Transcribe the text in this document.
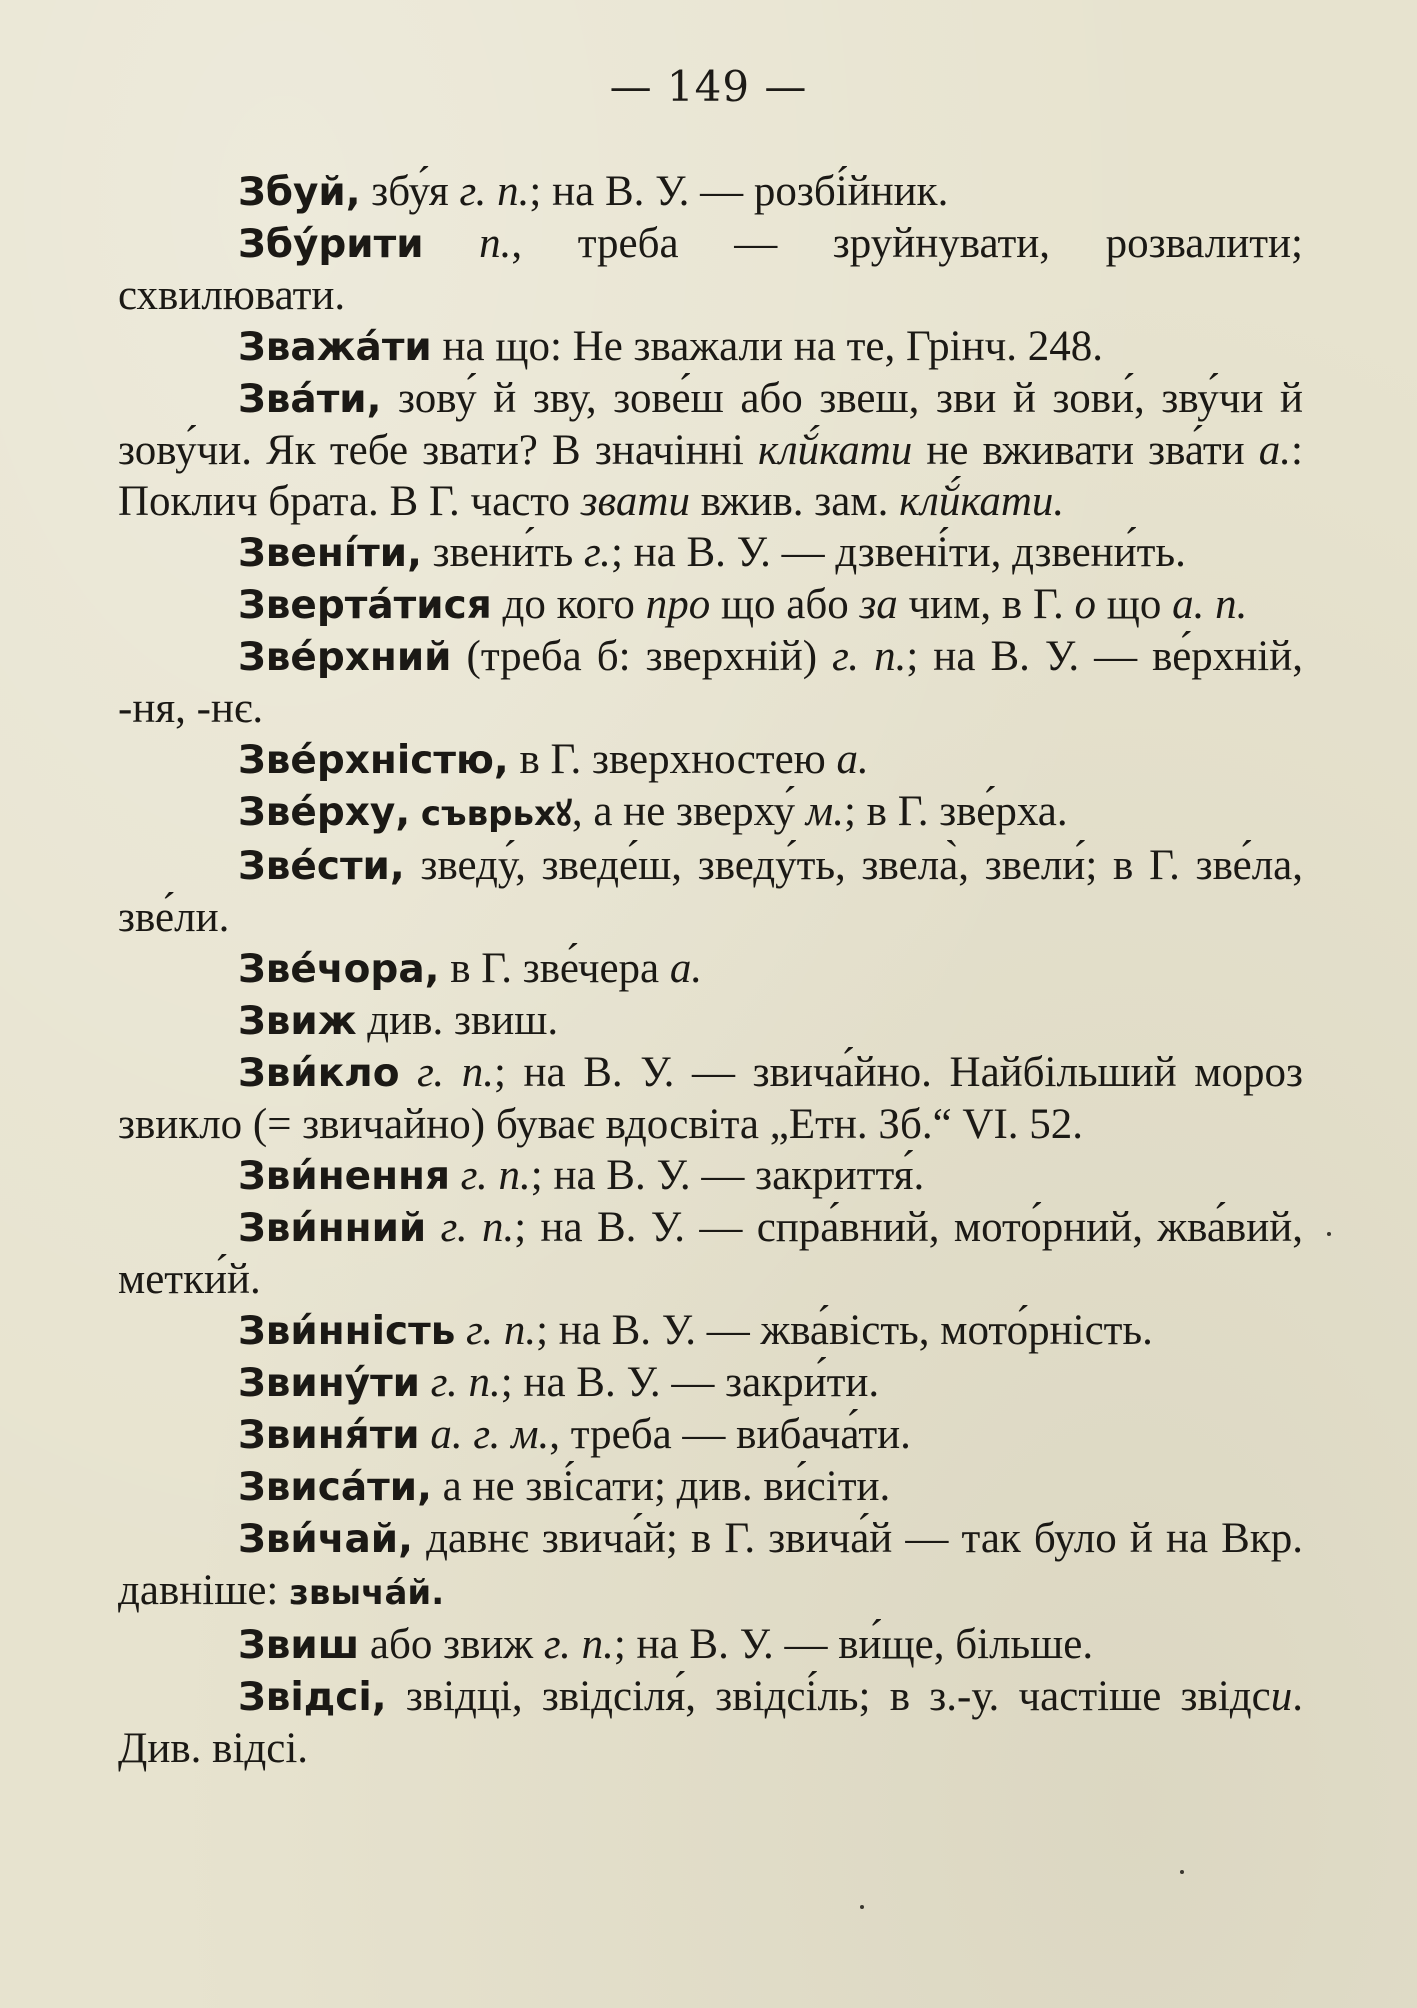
— 149 —

Збуй, збу́я г. п.; на В. У. — розбі́йник.

Збу́рити п., треба — зруйнувати, розвалити; схвилювати.

Зважа́ти на що: Не зважали на те, Грінч. 248.

Зва́ти, зову́ й зву, зове́ш або звеш, зви й зови́, зву́чи й зову́чи. Як тебе звати? В значінні клй́кати не вживати зва́ти а.: Поклич брата. В Г. часто звати вжив. зам. клй́кати.

Звені́ти, звени́ть г.; на В. У. — дзвені́ти, дзвени́ть.

Зверта́тися до кого про що або за чим, в Г. о що а. п.

Зве́рхний (треба б: зверхній) г. п.; на В. У. — ве́рхній, -ня, -нє.

Зве́рхністю, в Г. зверхностею а.

Зве́рху, съврьхꙋ, а не зверху́ м.; в Г. зве́рха.

Зве́сти, зведу́, зведе́ш, зведу́ть, звела̀, звели́; в Г. зве́ла, зве́ли.

Зве́чора, в Г. зве́чера а.

Звиж див. звиш.

Зви́кло г. п.; на В. У. — звича́йно. Найбільший мороз звикло (= звичайно) буває вдосвіта „Етн. Зб.“ VI. 52.

Зви́нення г. п.; на В. У. — закриття́.

Зви́нний г. п.; на В. У. — спра́вний, мото́рний, жва́вий, метки́й.

Зви́нність г. п.; на В. У. — жва́вість, мото́рність.

Звину́ти г. п.; на В. У. — закри́ти.

Звиня́ти а. г. м., треба — вибача́ти.

Звиса́ти, а не зві́сати; див. ви́сіти.

Зви́чай, давнє звича́й; в Г. звича́й — так було й на Вкр. давніше: звычáй.

Звиш або звиж г. п.; на В. У. — ви́ще, більше.

Звідсі, звідці, звідсіля́, звідсі́ль; в з.-у. частіше звідси. Див. відсі.
